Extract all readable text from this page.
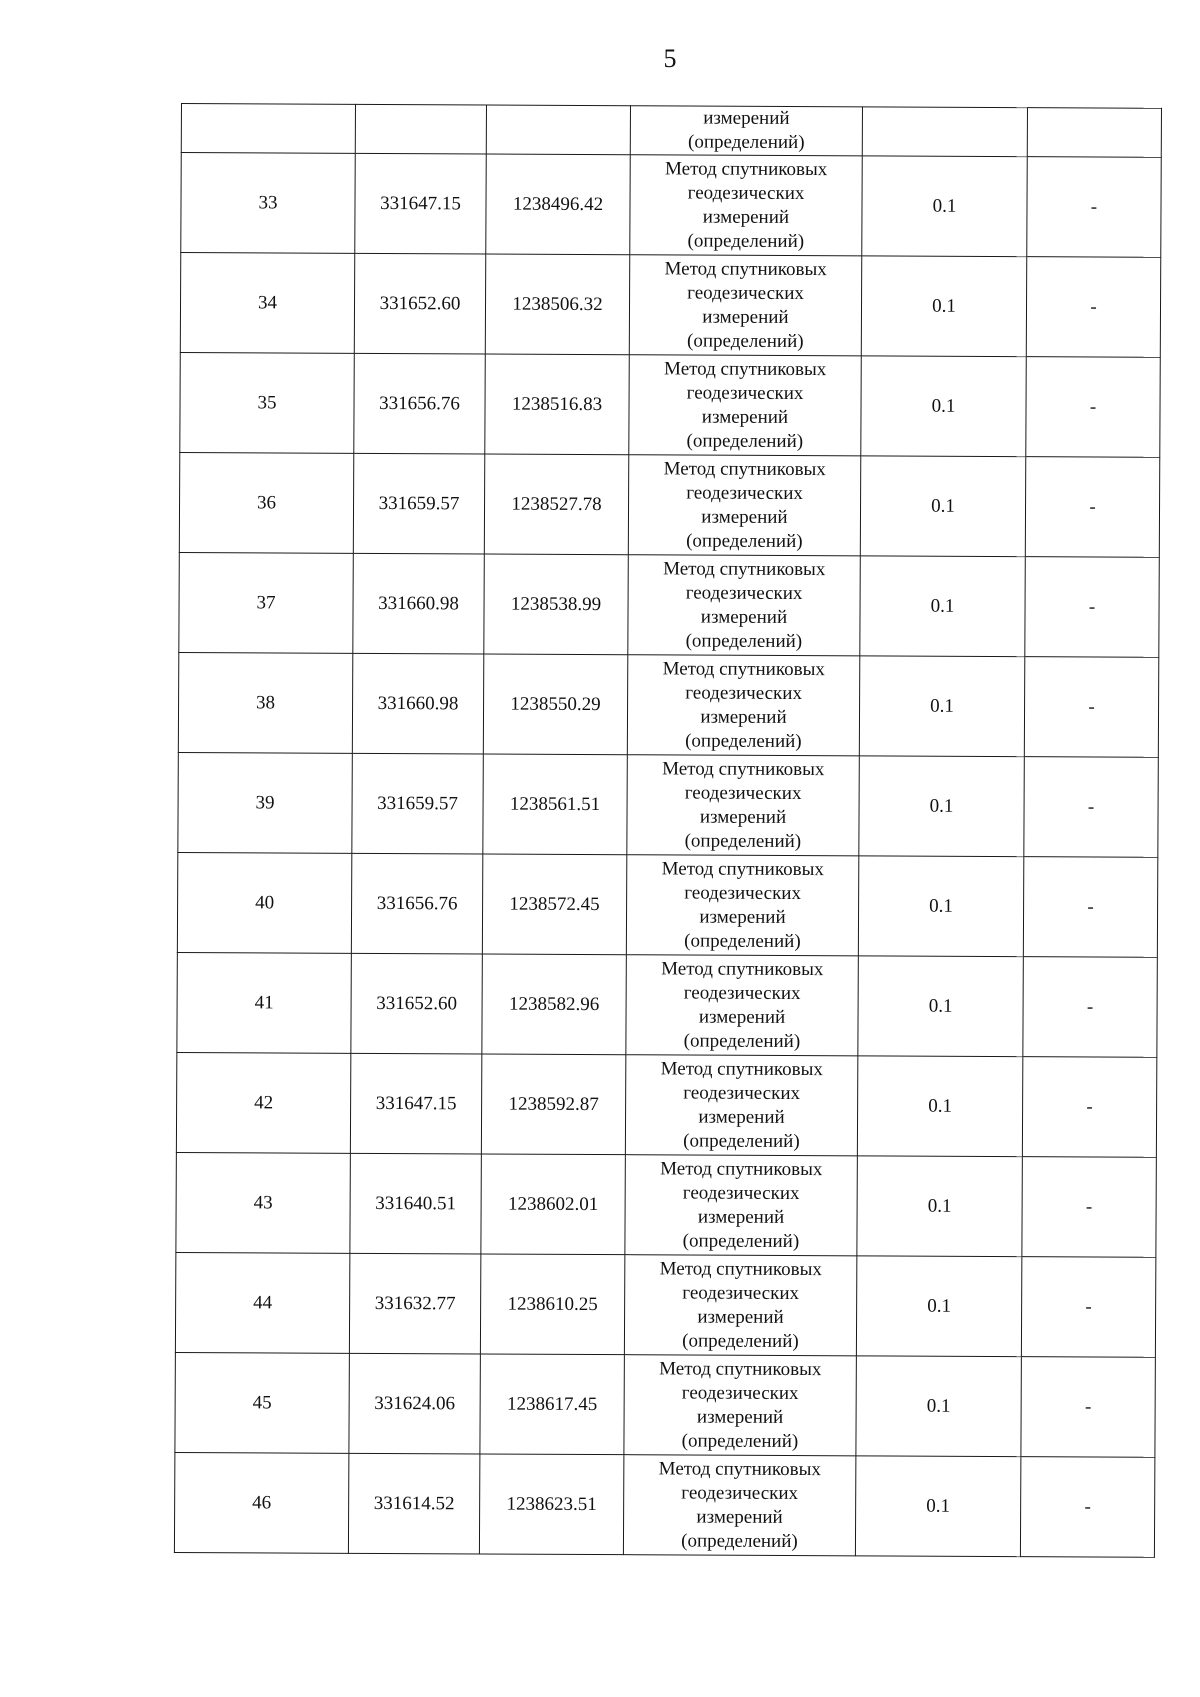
5

			измерений
(определений)		

33	331647.15	1238496.42	Метод спутниковых
геодезических
измерений
(определений)	0.1	-
34	331652.60	1238506.32	Метод спутниковых
геодезических
измерений
(определений)	0.1	-
35	331656.76	1238516.83	Метод спутниковых
геодезических
измерений
(определений)	0.1	-
36	331659.57	1238527.78	Метод спутниковых
геодезических
измерений
(определений)	0.1	-
37	331660.98	1238538.99	Метод спутниковых
геодезических
измерений
(определений)	0.1	-
38	331660.98	1238550.29	Метод спутниковых
геодезических
измерений
(определений)	0.1	-
39	331659.57	1238561.51	Метод спутниковых
геодезических
измерений
(определений)	0.1	-
40	331656.76	1238572.45	Метод спутниковых
геодезических
измерений
(определений)	0.1	-
41	331652.60	1238582.96	Метод спутниковых
геодезических
измерений
(определений)	0.1	-
42	331647.15	1238592.87	Метод спутниковых
геодезических
измерений
(определений)	0.1	-
43	331640.51	1238602.01	Метод спутниковых
геодезических
измерений
(определений)	0.1	-
44	331632.77	1238610.25	Метод спутниковых
геодезических
измерений
(определений)	0.1	-
45	331624.06	1238617.45	Метод спутниковых
геодезических
измерений
(определений)	0.1	-
46	331614.52	1238623.51	Метод спутниковых
геодезических
измерений
(определений)	0.1	-
